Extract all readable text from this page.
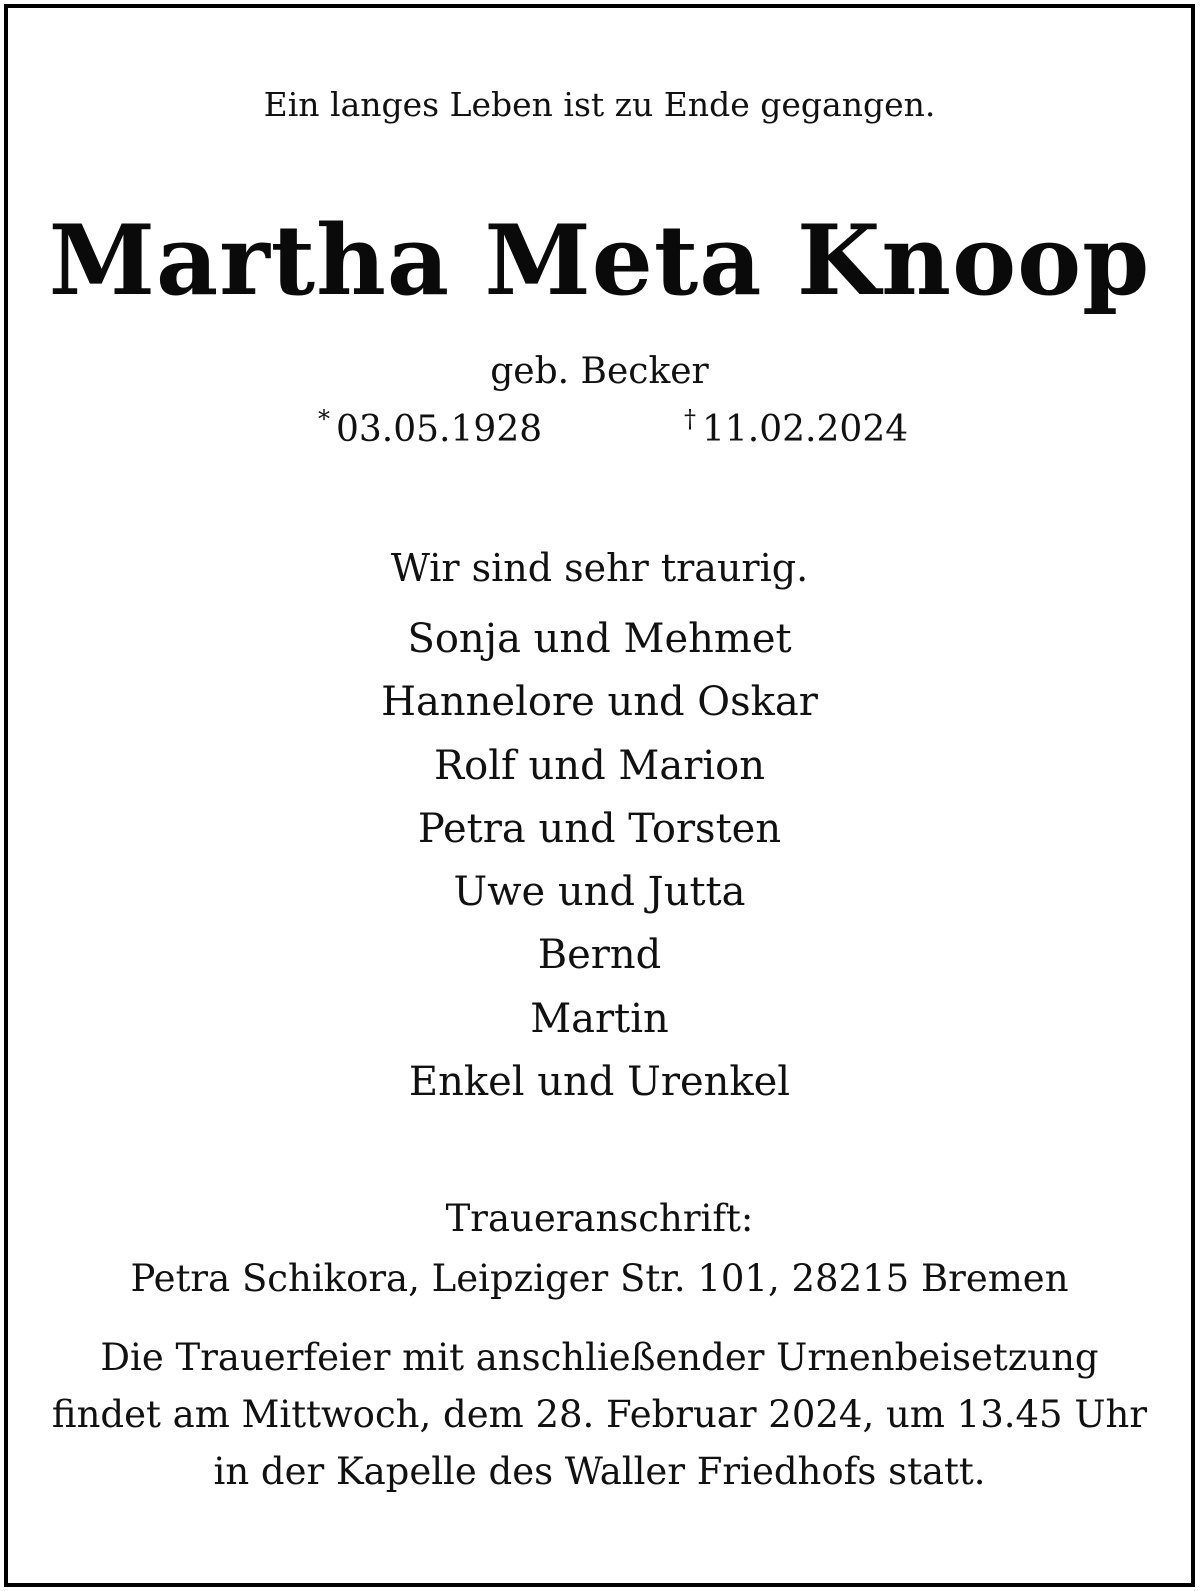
Ein langes Leben ist zu Ende gegangen.

Martha Meta Knoop

geb. Becker

* 03.05.1928	† 11.02.2024

Wir sind sehr traurig.

Sonja und Mehmet
Hannelore und Oskar
Rolf und Marion
Petra und Torsten
Uwe und Jutta
Bernd
Martin
Enkel und Urenkel

Traueranschrift:

Petra Schikora, Leipziger Str. 101, 28215 Bremen

Die Trauerfeier mit anschließender Urnenbeisetzung
findet am Mittwoch, dem 28. Februar 2024, um 13.45 Uhr
in der Kapelle des Waller Friedhofs statt.
